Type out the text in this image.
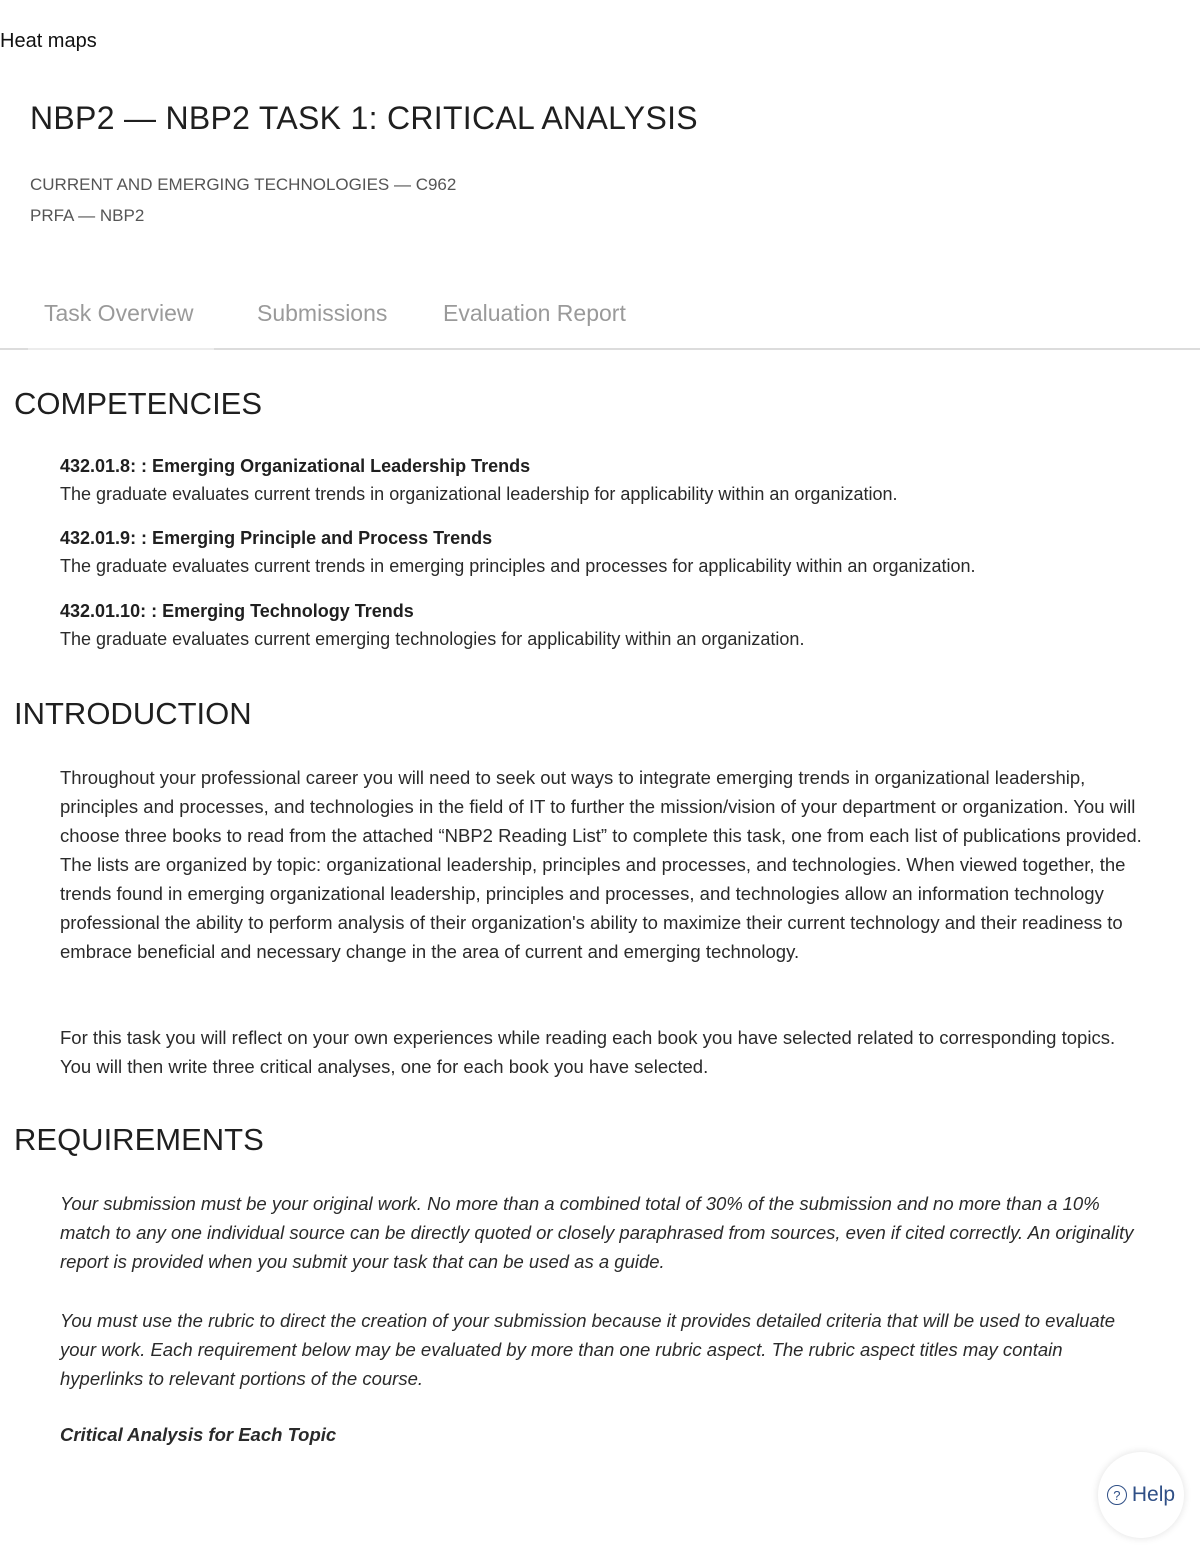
Heat maps
NBP2 — NBP2 TASK 1: CRITICAL ANALYSIS
CURRENT AND EMERGING TECHNOLOGIES — C962
PRFA — NBP2
Task Overview	Submissions Evaluation Report
COMPETENCIES
432.01.8: : Emerging Organizational Leadership Trends
The graduate evaluates current trends in organizational leadership for applicability within an organization.
432.01.9: : Emerging Principle and Process Trends
The graduate evaluates current trends in emerging principles and processes for applicability within an organization.
432.01.10: : Emerging Technology Trends
The graduate evaluates current emerging technologies for applicability within an organization.
INTRODUCTION

Throughout your professional career you will need to seek out ways to integrate emerging trends in organizational leadership, principles and processes, and technologies in the field of IT to further the mission/vision of your department or organization. You will choose three books to read from the attached “NBP2 Reading List” to complete this task, one from each list of publications provided. The lists are organized by topic: organizational leadership, principles and processes, and technologies. When viewed together, the trends found in emerging organizational leadership, principles and processes, and technologies allow an information technology professional the ability to perform analysis of their organization's ability to maximize their current technology and their readiness to embrace beneficial and necessary change in the area of current and emerging technology.

For this task you will reflect on your own experiences while reading each book you have selected related to corresponding topics. You will then write three critical analyses, one for each book you have selected.

REQUIREMENTS

Your submission must be your original work. No more than a combined total of 30% of the submission and no more than a 10% match to any one individual source can be directly quoted or closely paraphrased from sources, even if cited correctly. An originality report is provided when you submit your task that can be used as a guide.

You must use the rubric to direct the creation of your submission because it provides detailed criteria that will be used to evaluate your work. Each requirement below may be evaluated by more than one rubric aspect. The rubric aspect titles may contain hyperlinks to relevant portions of the course.

Critical Analysis for Each Topic

? Help
